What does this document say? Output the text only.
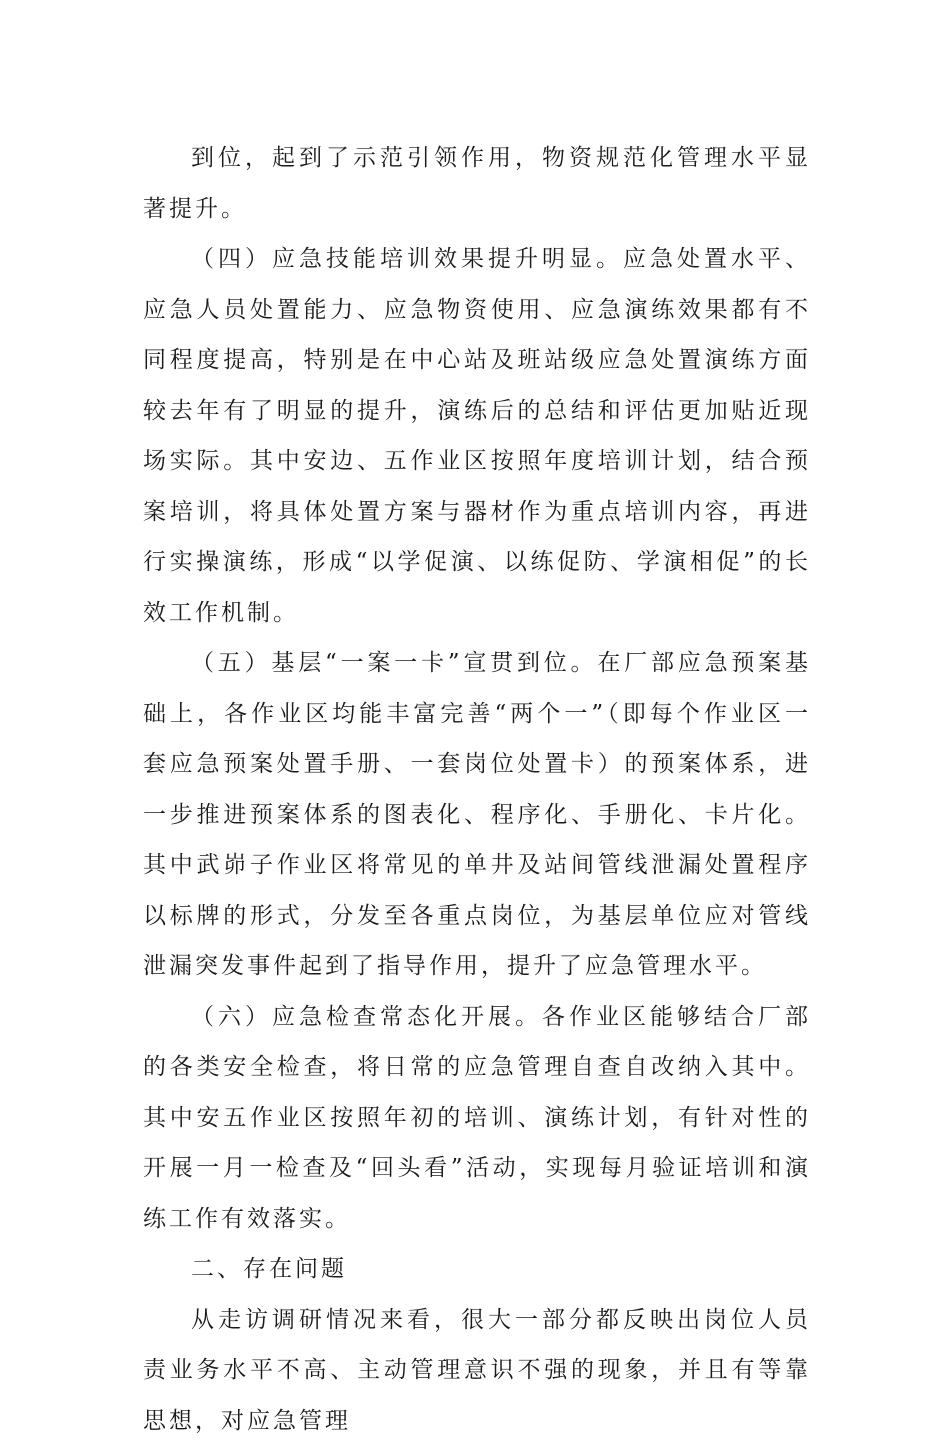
到位，起到了示范引领作用，物资规范化管理水平显著提升。

（四）应急技能培训效果提升明显。应急处置水平、应急人员处置能力、应急物资使用、应急演练效果都有不同程度提高，特别是在中心站及班站级应急处置演练方面较去年有了明显的提升，演练后的总结和评估更加贴近现场实际。其中安边、五作业区按照年度培训计划，结合预案培训，将具体处置方案与器材作为重点培训内容，再进行实操演练，形成“以学促演、以练促防、学演相促”的长效工作机制。

（五）基层“一案一卡”宣贯到位。在厂部应急预案基础上，各作业区均能丰富完善“两个一”（即每个作业区一套应急预案处置手册、一套岗位处置卡）的预案体系，进一步推进预案体系的图表化、程序化、手册化、卡片化。其中武峁子作业区将常见的单井及站间管线泄漏处置程序以标牌的形式，分发至各重点岗位，为基层单位应对管线泄漏突发事件起到了指导作用，提升了应急管理水平。

（六）应急检查常态化开展。各作业区能够结合厂部的各类安全检查，将日常的应急管理自查自改纳入其中。其中安五作业区按照年初的培训、演练计划，有针对性的开展一月一检查及“回头看”活动，实现每月验证培训和演练工作有效落实。

二、存在问题

从走访调研情况来看，很大一部分都反映出岗位人员责业务水平不高、主动管理意识不强的现象，并且有等靠思想，对应急管理
